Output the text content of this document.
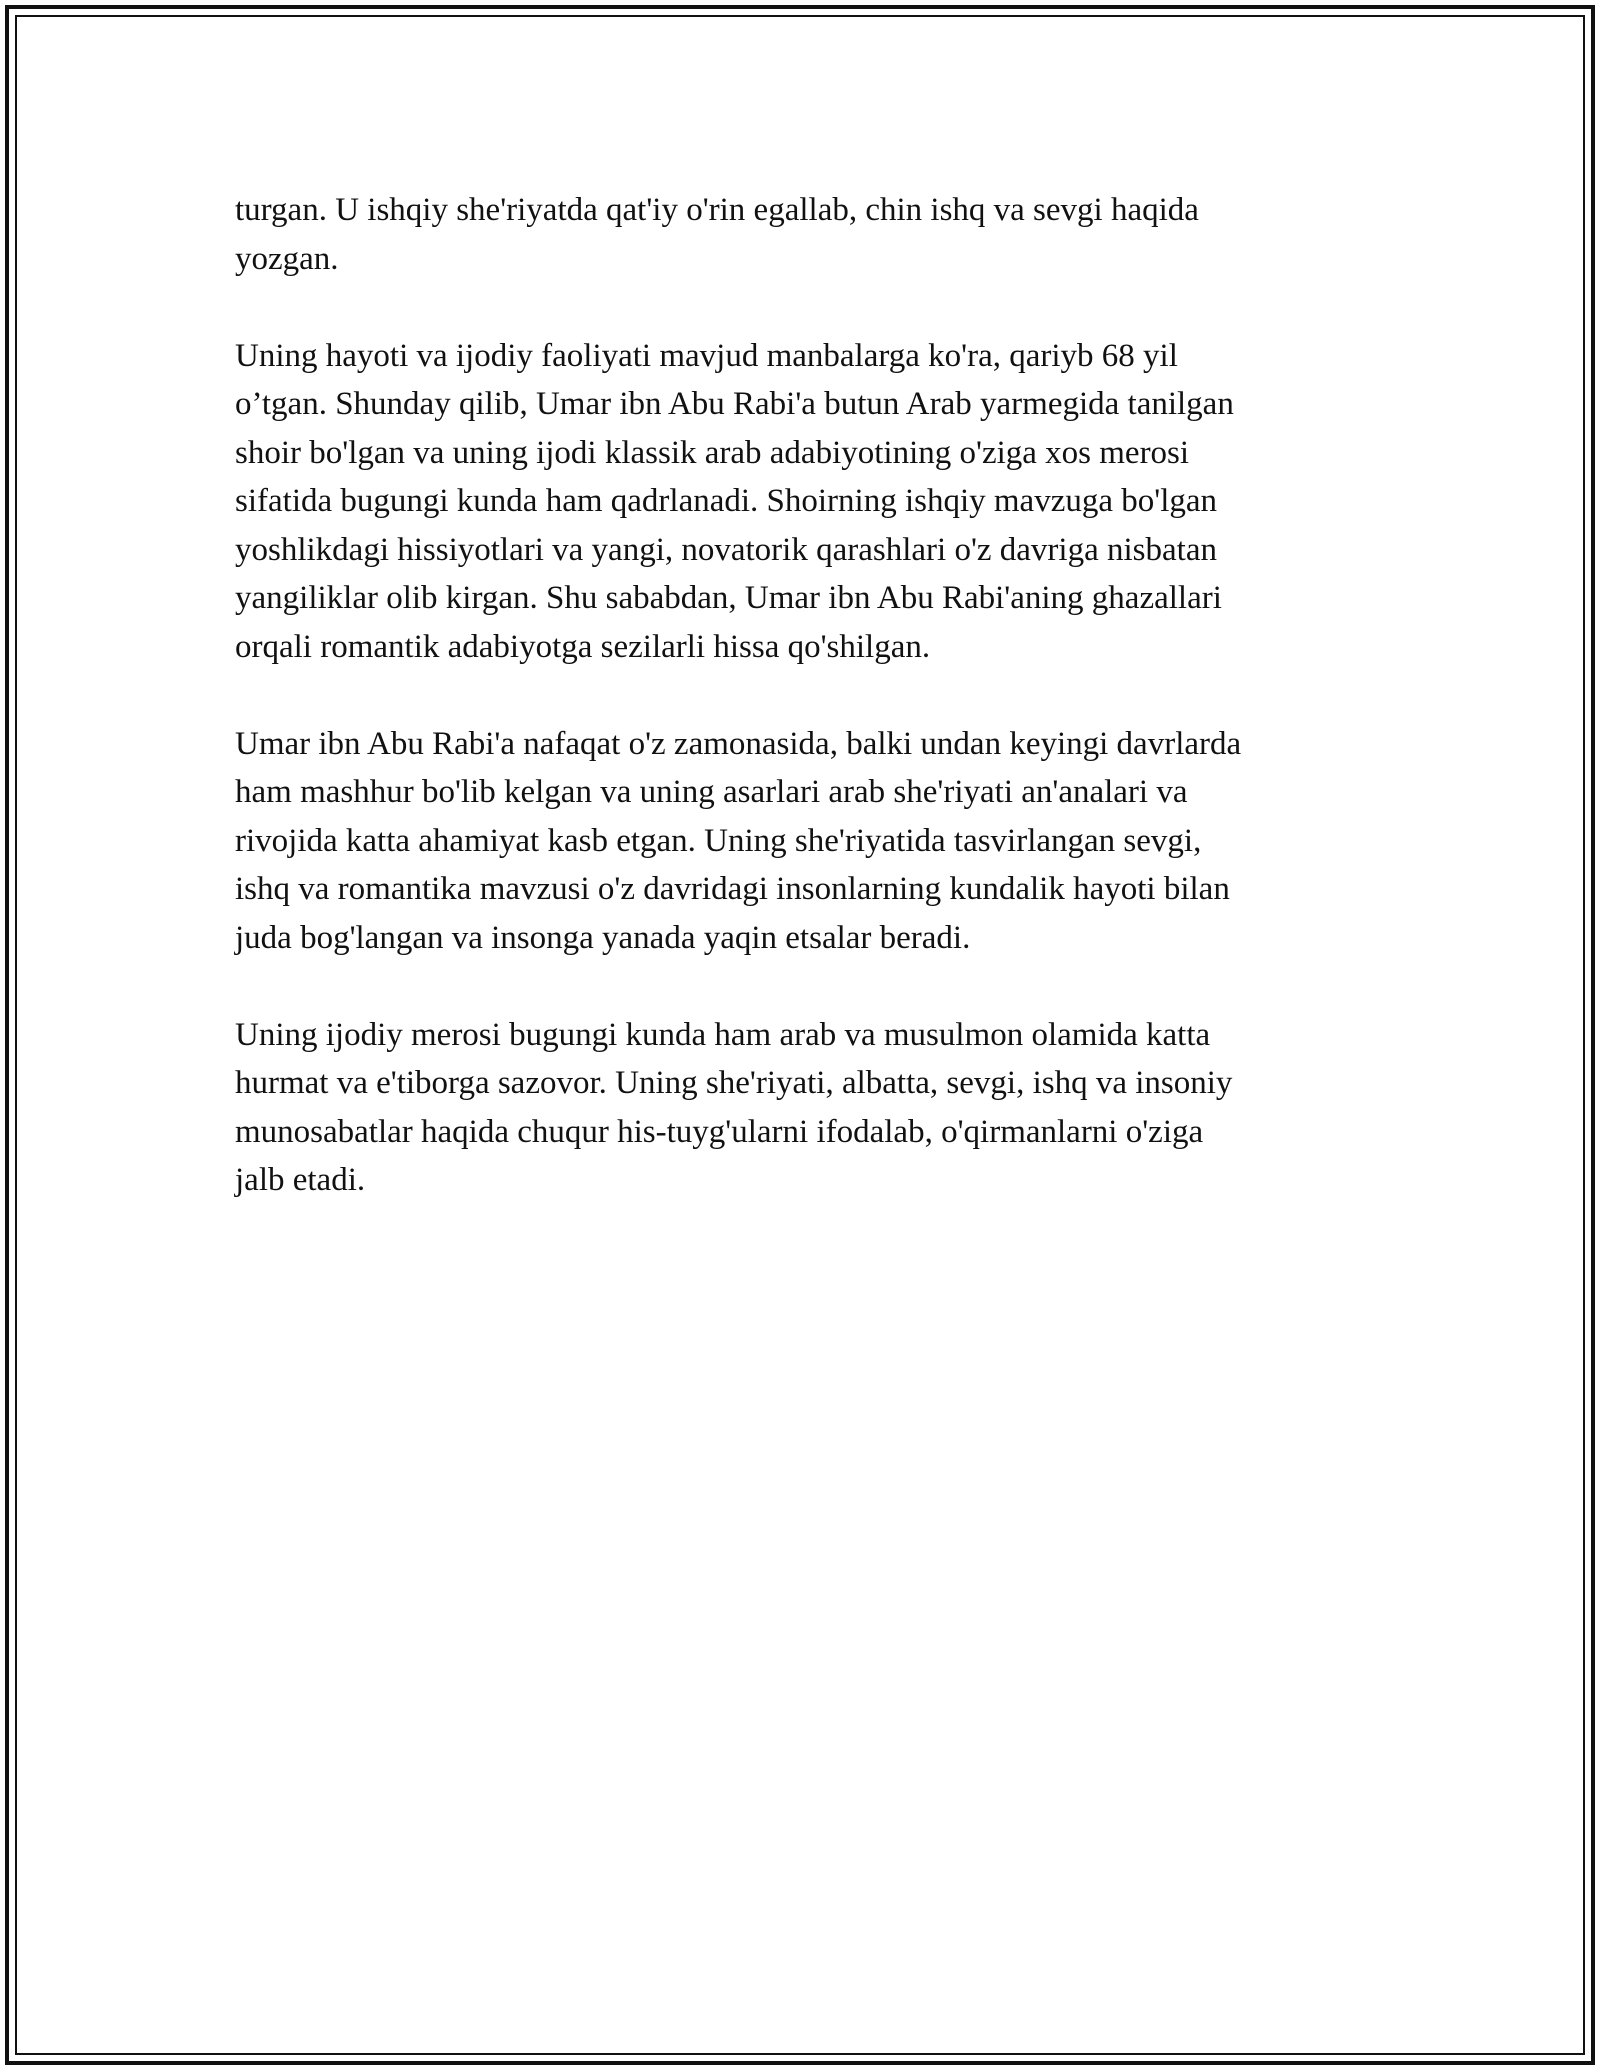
turgan. U ishqiy she'riyatda qat'iy o'rin egallab, chin ishq va sevgi haqida
yozgan.

Uning hayoti va ijodiy faoliyati mavjud manbalarga ko'ra, qariyb 68 yil
o’tgan. Shunday qilib, Umar ibn Abu Rabi'a butun Arab yarmegida tanilgan
shoir bo'lgan va uning ijodi klassik arab adabiyotining o'ziga xos merosi
sifatida bugungi kunda ham qadrlanadi. Shoirning ishqiy mavzuga bo'lgan
yoshlikdagi hissiyotlari va yangi, novatorik qarashlari o'z davriga nisbatan
yangiliklar olib kirgan. Shu sababdan, Umar ibn Abu Rabi'aning ghazallari
orqali romantik adabiyotga sezilarli hissa qo'shilgan.

Umar ibn Abu Rabi'a nafaqat o'z zamonasida, balki undan keyingi davrlarda
ham mashhur bo'lib kelgan va uning asarlari arab she'riyati an'analari va
rivojida katta ahamiyat kasb etgan. Uning she'riyatida tasvirlangan sevgi,
ishq va romantika mavzusi o'z davridagi insonlarning kundalik hayoti bilan
juda bog'langan va insonga yanada yaqin etsalar beradi.

Uning ijodiy merosi bugungi kunda ham arab va musulmon olamida katta
hurmat va e'tiborga sazovor. Uning she'riyati, albatta, sevgi, ishq va insoniy
munosabatlar haqida chuqur his-tuyg'ularni ifodalab, o'qirmanlarni o'ziga
jalb etadi.
